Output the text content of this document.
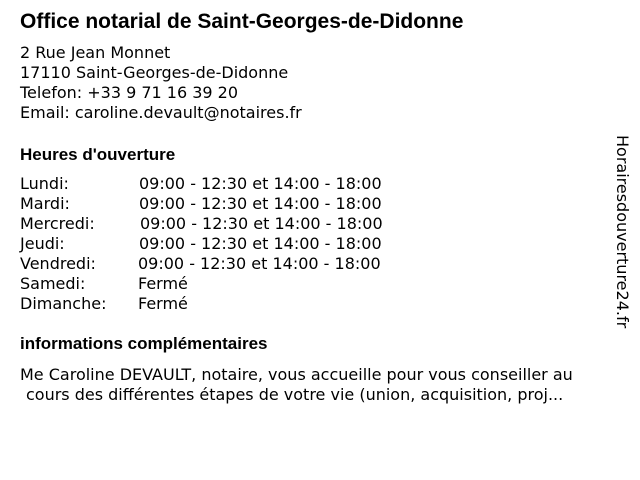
Office notarial de Saint-Georges-de-Didonne
2 Rue Jean Monnet
17110 Saint-Georges-de-Didonne
Telefon: +33 9 71 16 39 20
Email: caroline.devault@notaires.fr
Heures d'ouverture
Lundi:	09:00 - 12:30 et 14:00 - 18:00
Mardi:	09:00 - 12:30 et 14:00 - 18:00
Mercredi:	09:00 - 12:30 et 14:00 - 18:00
Jeudi:	09:00 - 12:30 et 14:00 - 18:00
Vendredi:	09:00 - 12:30 et 14:00 - 18:00
Samedi:	Fermé
Dimanche: Fermé
informations complémentaires
Me Caroline DEVAULT, notaire, vous accueille pour vous conseiller au
cours des différentes étapes de votre vie (union, acquisition, proj...
Horairesdouverture24.fr
